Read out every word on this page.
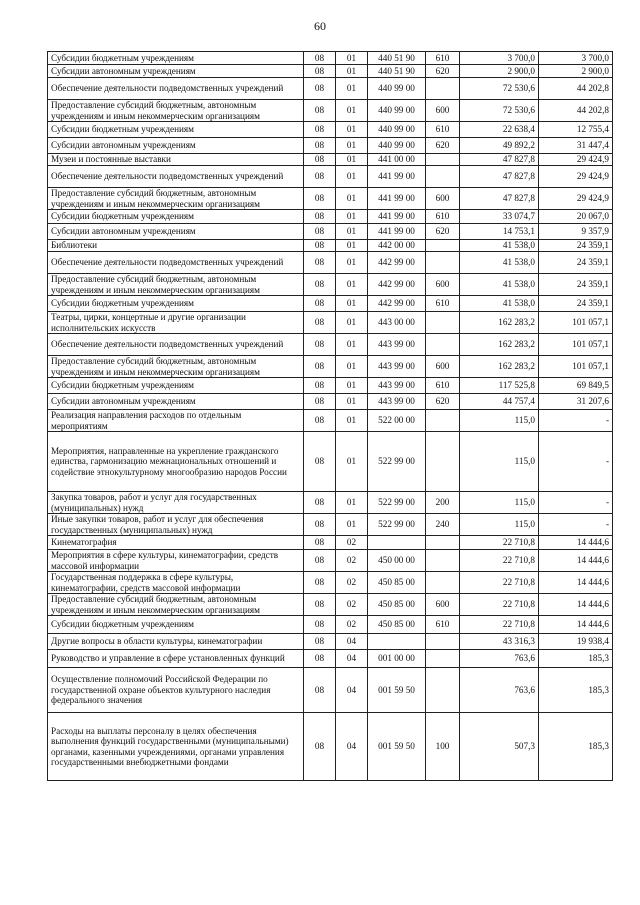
60
Субсидии бюджетным учреждениям	08	01	440 51 90	610	3 700,0	3 700,0
Субсидии автономным учреждениям	08	01	440 51 90	620	2 900,0	2 900,0
Обеспечение деятельности подведомственных учреждений	08	01	440 99 00		72 530,6	44 202,8
Предоставление субсидий бюджетным, автономным учреждениям и иным некоммерческим организациям	08	01	440 99 00	600	72 530,6	44 202,8
Субсидии бюджетным учреждениям	08	01	440 99 00	610	22 638,4	12 755,4
Субсидии автономным учреждениям	08	01	440 99 00	620	49 892,2	31 447,4
Музеи и постоянные выставки	08	01	441 00 00		47 827,8	29 424,9
Обеспечение деятельности подведомственных учреждений	08	01	441 99 00		47 827,8	29 424,9
Предоставление субсидий бюджетным, автономным учреждениям и иным некоммерческим организациям	08	01	441 99 00	600	47 827,8	29 424,9
Субсидии бюджетным учреждениям	08	01	441 99 00	610	33 074,7	20 067,0
Субсидии автономным учреждениям	08	01	441 99 00	620	14 753,1	9 357,9
Библиотеки	08	01	442 00 00		41 538,0	24 359,1
Обеспечение деятельности подведомственных учреждений	08	01	442 99 00		41 538,0	24 359,1
Предоставление субсидий бюджетным, автономным учреждениям и иным некоммерческим организациям	08	01	442 99 00	600	41 538,0	24 359,1
Субсидии бюджетным учреждениям	08	01	442 99 00	610	41 538,0	24 359,1
Театры, цирки, концертные и другие организации исполнительских искусств	08	01	443 00 00		162 283,2	101 057,1
Обеспечение деятельности подведомственных учреждений	08	01	443 99 00		162 283,2	101 057,1
Предоставление субсидий бюджетным, автономным учреждениям и иным некоммерческим организациям	08	01	443 99 00	600	162 283,2	101 057,1
Субсидии бюджетным учреждениям	08	01	443 99 00	610	117 525,8	69 849,5
Субсидии автономным учреждениям	08	01	443 99 00	620	44 757,4	31 207,6
Реализация направления расходов по отдельным мероприятиям	08	01	522 00 00		115,0	-
Мероприятия, направленные на укрепление гражданского единства, гармонизацию межнациональных отношений и содействие этнокультурному многообразию народов России	08	01	522 99 00		115,0	-
Закупка товаров, работ и услуг для государственных (муниципальных) нужд	08	01	522 99 00	200	115,0	-
Иные закупки товаров, работ и услуг для обеспечения государственных (муниципальных) нужд	08	01	522 99 00	240	115,0	-
Кинематография	08	02			22 710,8	14 444,6
Мероприятия в сфере культуры, кинематографии, средств массовой информации	08	02	450 00 00		22 710,8	14 444,6
Государственная поддержка в сфере культуры, кинематографии, средств массовой информации	08	02	450 85 00		22 710,8	14 444,6
Предоставление субсидий бюджетным, автономным учреждениям и иным некоммерческим организациям	08	02	450 85 00	600	22 710,8	14 444,6
Субсидии бюджетным учреждениям	08	02	450 85 00	610	22 710,8	14 444,6
Другие вопросы в области культуры, кинематографии	08	04			43 316,3	19 938,4
Руководство и управление в сфере установленных функций	08	04	001 00 00		763,6	185,3
Осуществление полномочий Российской Федерации по государственной охране объектов культурного наследия федерального значения	08	04	001 59 50		763,6	185,3
Расходы на выплаты персоналу в целях обеспечения выполнения функций государственными (муниципальными) органами, казенными учреждениями, органами управления государственными внебюджетными фондами	08	04	001 59 50	100	507,3	185,3
